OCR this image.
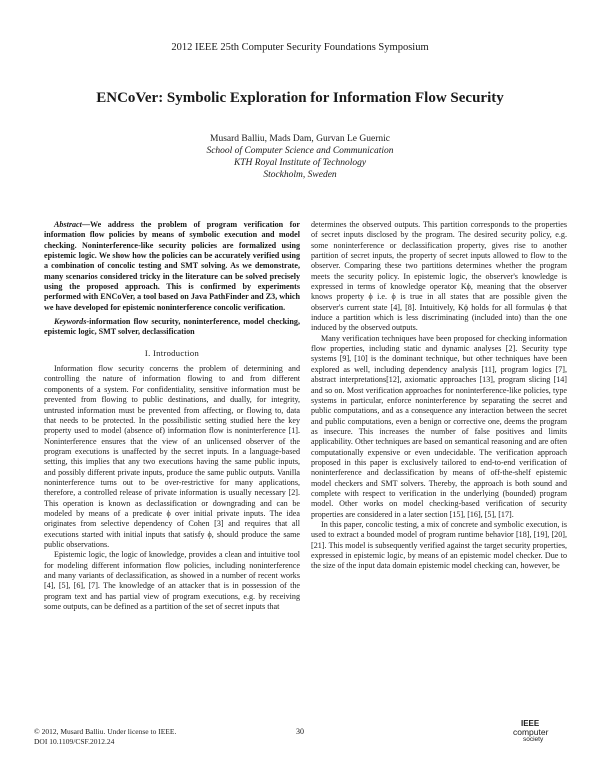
2012 IEEE 25th Computer Security Foundations Symposium
ENCoVer: Symbolic Exploration for Information Flow Security
Musard Balliu, Mads Dam, Gurvan Le Guernic
School of Computer Science and Communication
KTH Royal Institute of Technology
Stockholm, Sweden

Abstract—We address the problem of program verification for information flow policies by means of symbolic execution and model checking. Noninterference-like security policies are formalized using epistemic logic. We show how the policies can be accurately verified using a combination of concolic testing and SMT solving. As we demonstrate, many scenarios considered tricky in the literature can be solved precisely using the proposed approach. This is confirmed by experiments performed with ENCoVer, a tool based on Java PathFinder and Z3, which we have developed for epistemic noninterference concolic verification.

Keywords-information flow security, noninterference, model checking, epistemic logic, SMT solver, declassification

I. Introduction

Information flow security concerns the problem of determining and controlling the nature of information flowing to and from different components of a system. For confidentiality, sensitive information must be prevented from flowing to public destinations, and dually, for integrity, untrusted information must be prevented from affecting, or flowing to, data that needs to be protected. In the possibilistic setting studied here the key property used to model (absence of) information flow is noninterference [1]. Noninterference ensures that the view of an unlicensed observer of the program executions is unaffected by the secret inputs. In a language-based setting, this implies that any two executions having the same public inputs, and possibly different private inputs, produce the same public outputs. Vanilla noninterference turns out to be over-restrictive for many applications, therefore, a controlled release of private information is usually necessary [2]. This operation is known as declassification or downgrading and can be modeled by means of a predicate ϕ over initial private inputs. The idea originates from selective dependency of Cohen [3] and requires that all executions started with initial inputs that satisfy ϕ, should produce the same public observations.

Epistemic logic, the logic of knowledge, provides a clean and intuitive tool for modeling different information flow policies, including noninterference and many variants of declassification, as showed in a number of recent works [4], [5], [6], [7]. The knowledge of an attacker that is in possession of the program text and has partial view of program executions, e.g. by receiving some outputs, can be defined as a partition of the set of secret inputs that

determines the observed outputs. This partition corresponds to the properties of secret inputs disclosed by the program. The desired security policy, e.g. some noninterference or declassification property, gives rise to another partition of secret inputs, the property of secret inputs allowed to flow to the observer. Comparing these two partitions determines whether the program meets the security policy. In epistemic logic, the observer's knowledge is expressed in terms of knowledge operator Kϕ, meaning that the observer knows property ϕ i.e. ϕ is true in all states that are possible given the observer's current state [4], [8]. Intuitively, Kϕ holds for all formulas ϕ that induce a partition which is less discriminating (included into) than the one induced by the observed outputs.

Many verification techniques have been proposed for checking information flow properties, including static and dynamic analyses [2]. Security type systems [9], [10] is the dominant technique, but other techniques have been explored as well, including dependency analysis [11], program logics [7], abstract interpretations[12], axiomatic approaches [13], program slicing [14] and so on. Most verification approaches for noninterference-like policies, type systems in particular, enforce noninterference by separating the secret and public computations, and as a consequence any interaction between the secret and public computations, even a benign or corrective one, deems the program as insecure. This increases the number of false positives and limits applicability. Other techniques are based on semantical reasoning and are often computationally expensive or even undecidable. The verification approach proposed in this paper is exclusively tailored to end-to-end verification of noninterference and declassification by means of off-the-shelf epistemic model checkers and SMT solvers. Thereby, the approach is both sound and complete with respect to verification in the underlying (bounded) program model. Other works on model checking-based verification of security properties are considered in a later section [15], [16], [5], [17].

In this paper, concolic testing, a mix of concrete and symbolic execution, is used to extract a bounded model of program runtime behavior [18], [19], [20], [21]. This model is subsequently verified against the target security properties, expressed in epistemic logic, by means of an epistemic model checker. Due to the size of the input data domain epistemic model checking can, however, be

© 2012, Musard Balliu. Under license to IEEE.
DOI 10.1109/CSF.2012.24
30
IEEE
computer
society
